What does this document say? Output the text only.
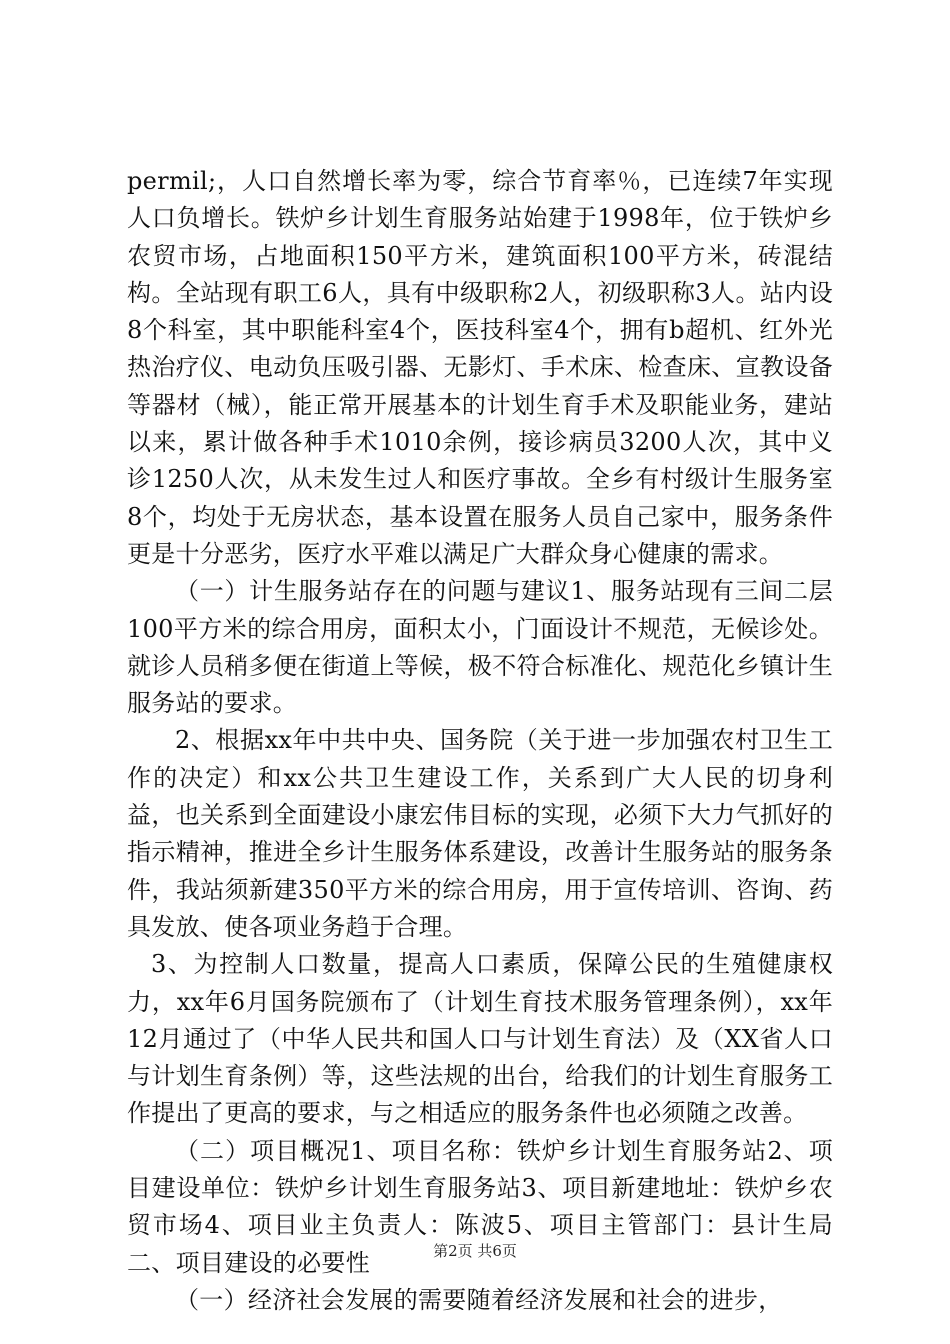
permil;，人口自然增长率为零，综合节育率％，已连续7年实现人口负增长。铁炉乡计划生育服务站始建于1998年，位于铁炉乡农贸市场，占地面积150平方米，建筑面积100平方米，砖混结构。全站现有职工6人，具有中级职称2人，初级职称3人。站内设8个科室，其中职能科室4个，医技科室4个，拥有b超机、红外光热治疗仪、电动负压吸引器、无影灯、手术床、检查床、宣教设备等器材（械），能正常开展基本的计划生育手术及职能业务，建站以来，累计做各种手术1010余例，接诊病员3200人次，其中义诊1250人次，从未发生过人和医疗事故。全乡有村级计生服务室8个，均处于无房状态，基本设置在服务人员自己家中，服务条件更是十分恶劣，医疗水平难以满足广大群众身心健康的需求。

（一）计生服务站存在的问题与建议1、服务站现有三间二层100平方米的综合用房，面积太小，门面设计不规范，无候诊处。就诊人员稍多便在街道上等候，极不符合标准化、规范化乡镇计生服务站的要求。

2、根据xx年中共中央、国务院（关于进一步加强农村卫生工作的决定）和xx公共卫生建设工作，关系到广大人民的切身利益，也关系到全面建设小康宏伟目标的实现，必须下大力气抓好的指示精神，推进全乡计生服务体系建设，改善计生服务站的服务条件，我站须新建350平方米的综合用房，用于宣传培训、咨询、药具发放、使各项业务趋于合理。

3、为控制人口数量，提高人口素质，保障公民的生殖健康权力，xx年6月国务院颁布了（计划生育技术服务管理条例），xx年12月通过了（中华人民共和国人口与计划生育法）及（XX省人口与计划生育条例）等，这些法规的出台，给我们的计划生育服务工作提出了更高的要求，与之相适应的服务条件也必须随之改善。

（二）项目概况1、项目名称：铁炉乡计划生育服务站2、项目建设单位：铁炉乡计划生育服务站3、项目新建地址：铁炉乡农贸市场4、项目业主负责人：陈波5、项目主管部门：县计生局二、项目建设的必要性

（一）经济社会发展的需要随着经济发展和社会的进步，

第2页 共6页
